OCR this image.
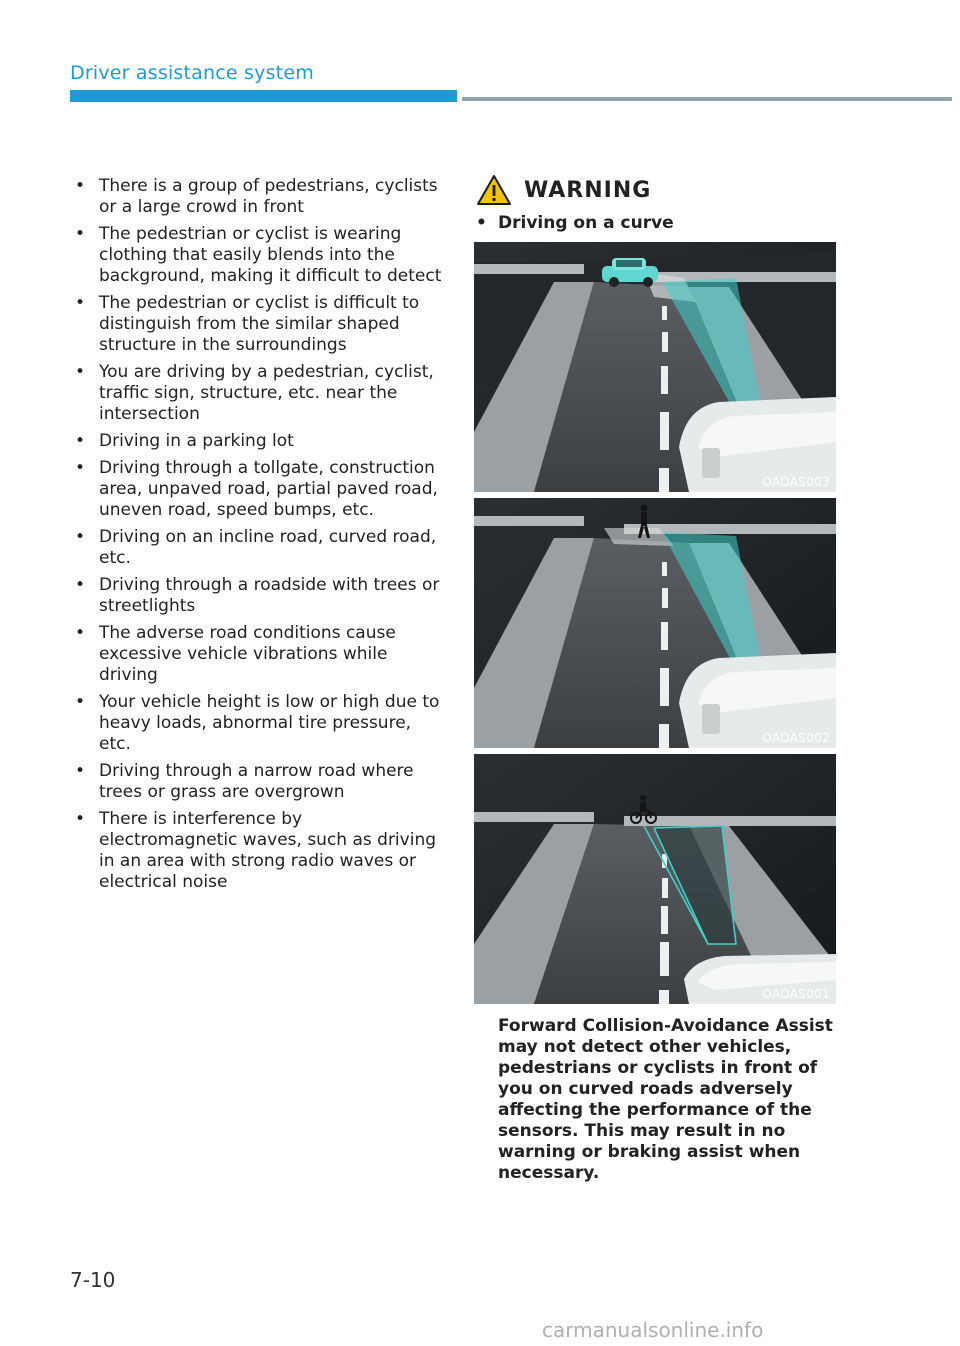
Driver assistance system
• There is a group of pedestrians, cyclists or a large crowd in front
• The pedestrian or cyclist is wearing clothing that easily blends into the background, making it difficult to detect
• The pedestrian or cyclist is difficult to distinguish from the similar shaped structure in the surroundings
• You are driving by a pedestrian, cyclist, traffic sign, structure, etc. near the intersection
• Driving in a parking lot
• Driving through a tollgate, construction area, unpaved road, partial paved road, uneven road, speed bumps, etc.
• Driving on an incline road, curved road, etc.
• Driving through a roadside with trees or streetlights
• The adverse road conditions cause excessive vehicle vibrations while driving
• Your vehicle height is low or high due to heavy loads, abnormal tire pressure, etc.
• Driving through a narrow road where trees or grass are overgrown
• There is interference by electromagnetic waves, such as driving in an area with strong radio waves or electrical noise
WARNING
• Driving on a curve
OADAS003
OADAS002
OADAS001
Forward Collision-Avoidance Assist may not detect other vehicles, pedestrians or cyclists in front of you on curved roads adversely affecting the performance of the sensors. This may result in no warning or braking assist when necessary.
7-10
carmanualsonline.info
